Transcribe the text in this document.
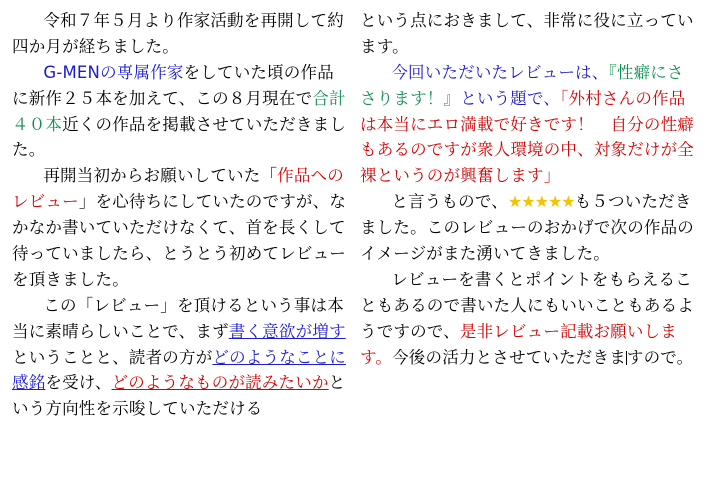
令和７年５月より作家活動を再開して約四か月が経ちました。

G-MENの専属作家をしていた頃の作品に新作２５本を加えて、この８月現在で合計４０本近くの作品を掲載させていただきました。

再開当初からお願いしていた「作品へのレビュー」を心待ちにしていたのですが、なかなか書いていただけなくて、首を長くして待っていましたら、とうとう初めてレビューを頂きました。

この「レビュー」を頂けるという事は本当に素晴らしいことで、まず書く意欲が増すということと、読者の方がどのようなことに感銘を受け、どのようなものが読みたいかという方向性を示唆していただける

という点におきまして、非常に役に立っています。

今回いただいたレビューは、『性癖にささります！』という題で、「外村さんの作品は本当にエロ満載で好きです！　自分の性癖もあるのですが衆人環境の中、対象だけが全裸というのが興奮します」

と言うもので、★★★★★も５ついただきました。このレビューのおかげで次の作品のイメージがまた湧いてきました。

レビューを書くとポイントをもらえることもあるので書いた人にもいいこともあるようですので、是非レビュー記載お願いします。今後の活力とさせていただきますので。
